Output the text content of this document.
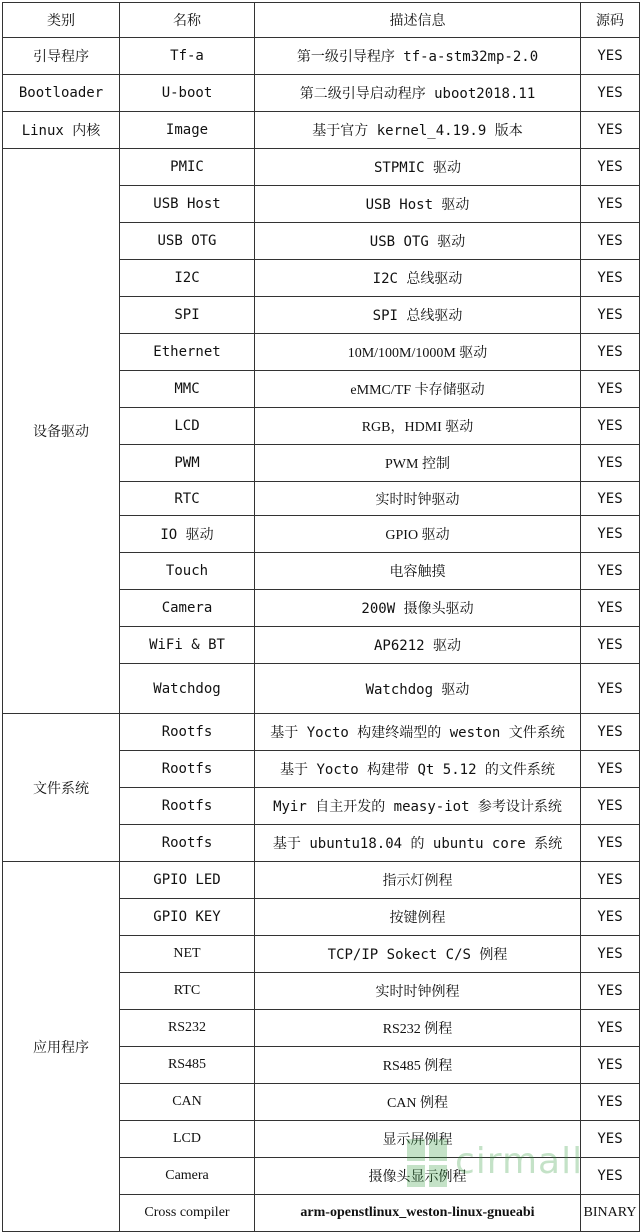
类别	名称	描述信息	源码
引导程序	Tf-a	第一级引导程序 tf-a-stm32mp-2.0	YES
Bootloader	U-boot	第二级引导启动程序 uboot2018.11	YES
Linux 内核	Image	基于官方 kernel_4.19.9 版本	YES
设备驱动	PMIC	STPMIC 驱动	YES
	USB Host	USB Host 驱动	YES
	USB OTG	USB OTG 驱动	YES
	I2C	I2C 总线驱动	YES
	SPI	SPI 总线驱动	YES
	Ethernet	10M/100M/1000M 驱动	YES
	MMC	eMMC/TF 卡存储驱动	YES
	LCD	RGB，HDMI 驱动	YES
	PWM	PWM 控制	YES
	RTC	实时时钟驱动	YES
	IO 驱动	GPIO 驱动	YES
	Touch	电容触摸	YES
	Camera	200W 摄像头驱动	YES
	WiFi & BT	AP6212 驱动	YES
	Watchdog	Watchdog 驱动	YES
文件系统	Rootfs	基于 Yocto 构建终端型的 weston 文件系统	YES
	Rootfs	基于 Yocto 构建带 Qt 5.12 的文件系统	YES
	Rootfs	Myir 自主开发的 measy-iot 参考设计系统	YES
	Rootfs	基于 ubuntu18.04 的 ubuntu core 系统	YES
应用程序	GPIO LED	指示灯例程	YES
	GPIO KEY	按键例程	YES
	NET	TCP/IP Sokect C/S 例程	YES
	RTC	实时时钟例程	YES
	RS232	RS232 例程	YES
	RS485	RS485 例程	YES
	CAN	CAN 例程	YES
	LCD	显示屏例程	YES
	Camera	摄像头显示例程	YES
	Cross compiler	arm-openstlinux_weston-linux-gnueabi	BINARY
cirmall
